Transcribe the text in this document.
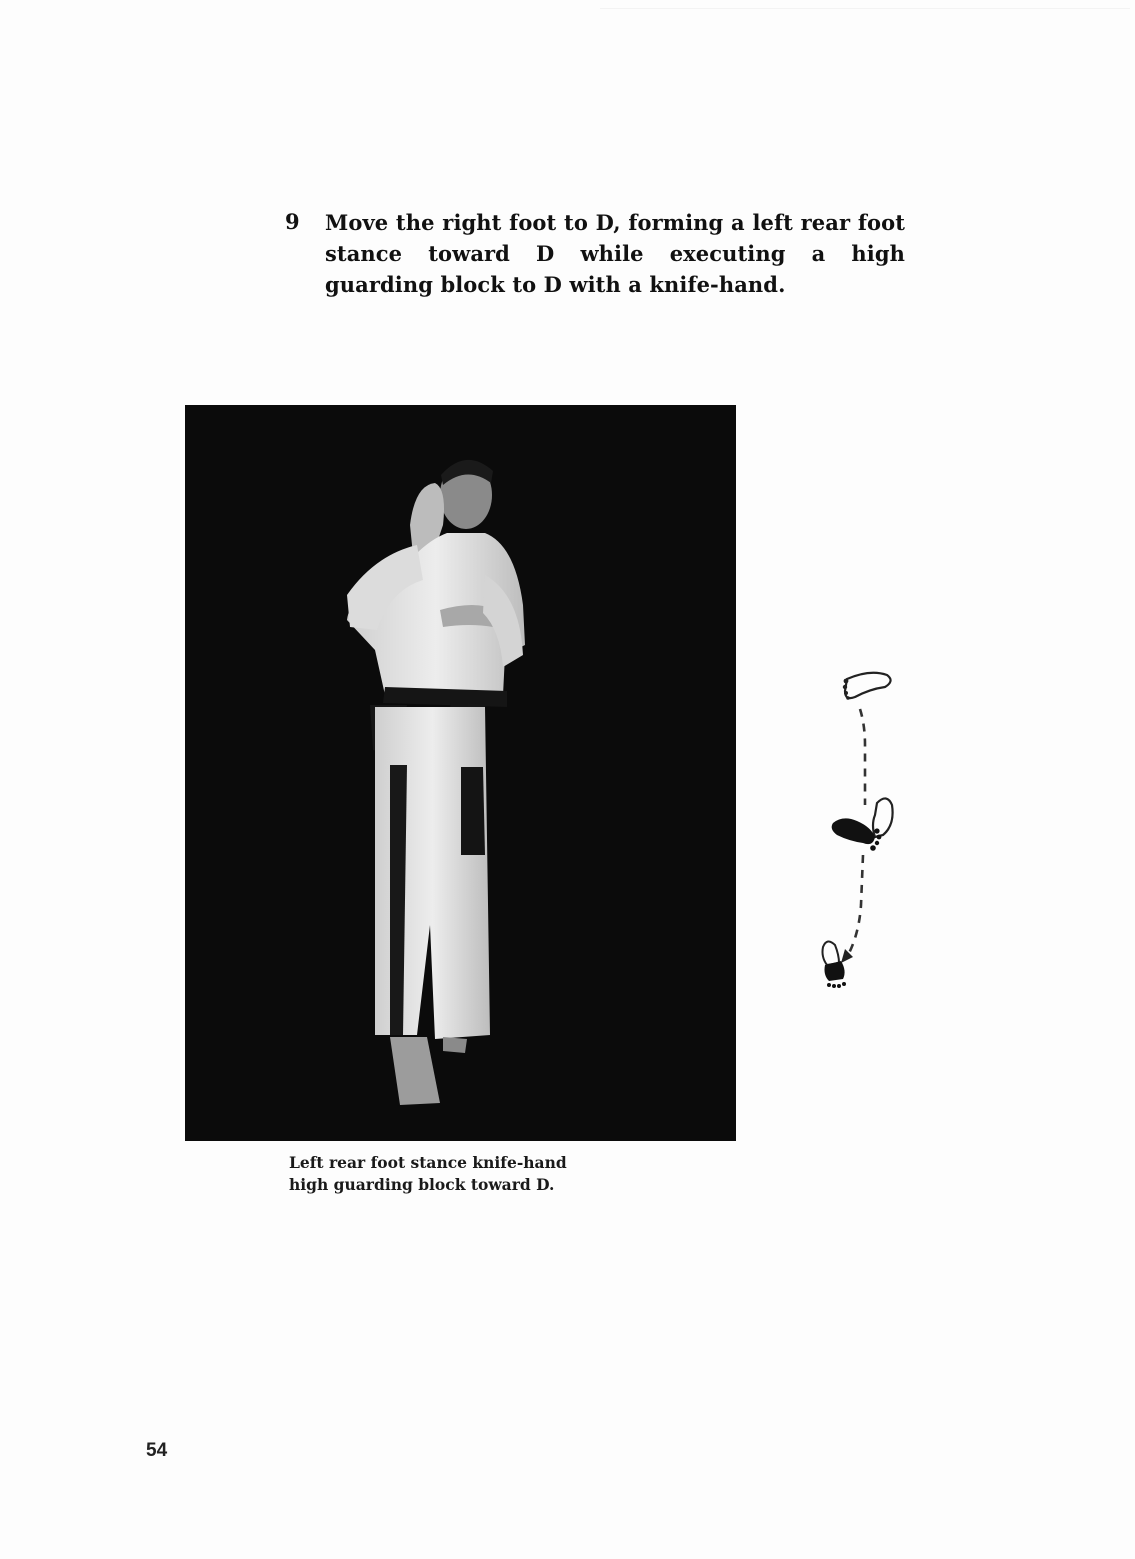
9	Move the right foot to D, forming a left rear foot stance toward D while executing a high guarding block to D with a knife-hand.
Left rear foot stance knife-hand
high guarding block toward D.
54
